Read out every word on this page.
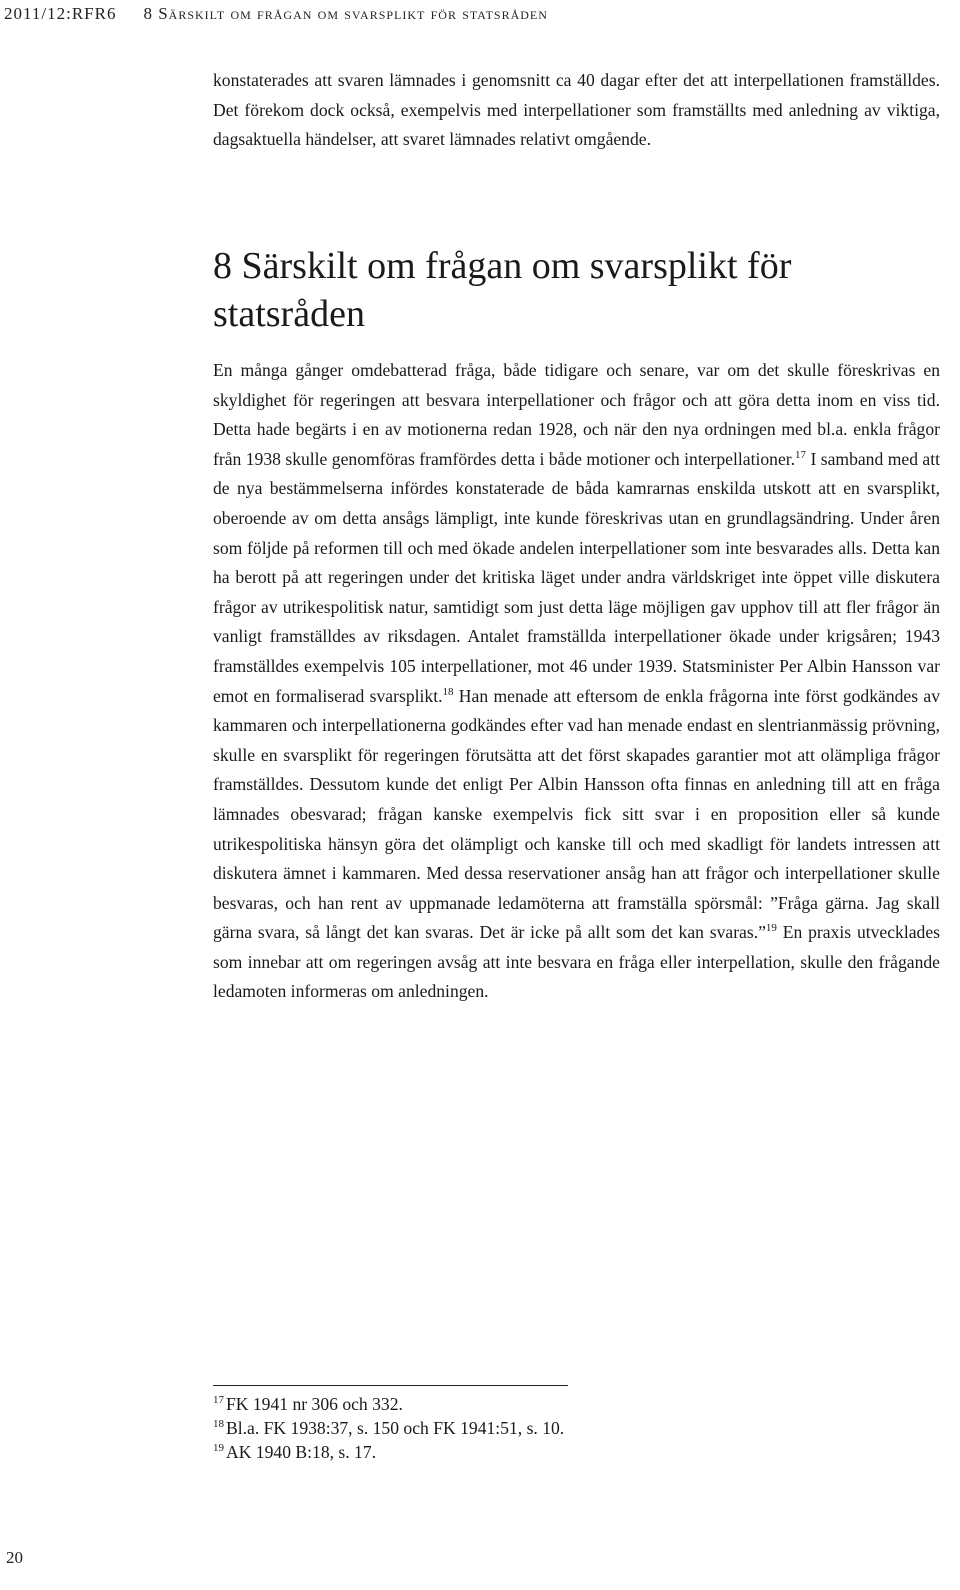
2011/12:RFR6 8 Särskilt om frågan om svarsplikt för statsråden

konstaterades att svaren lämnades i genomsnitt ca 40 dagar efter det att interpellationen framställdes. Det förekom dock också, exempelvis med interpellationer som framställts med anledning av viktiga, dagsaktuella händelser, att svaret lämnades relativt omgående.

8 Särskilt om frågan om svarsplikt för statsråden

En många gånger omdebatterad fråga, både tidigare och senare, var om det skulle föreskrivas en skyldighet för regeringen att besvara interpellationer och frågor och att göra detta inom en viss tid. Detta hade begärts i en av motionerna redan 1928, och när den nya ordningen med bl.a. enkla frågor från 1938 skulle genomföras framfördes detta i både motioner och interpellationer.$^{17}$ I samband med att de nya bestämmelserna infördes konstaterade de båda kamrarnas enskilda utskott att en svarsplikt, oberoende av om detta ansågs lämpligt, inte kunde föreskrivas utan en grundlagsändring. Under åren som följde på reformen till och med ökade andelen interpellationer som inte besvarades alls. Detta kan ha berott på att regeringen under det kritiska läget under andra världskriget inte öppet ville diskutera frågor av utrikespolitisk natur, samtidigt som just detta läge möjligen gav upphov till att fler frågor än vanligt framställdes av riksdagen. Antalet framställda interpellationer ökade under krigsåren; 1943 framställdes exempelvis 105 interpellationer, mot 46 under 1939. Statsminister Per Albin Hansson var emot en formaliserad svarsplikt.$^{18}$ Han menade att eftersom de enkla frågorna inte först godkändes av kammaren och interpellationerna godkändes efter vad han menade endast en slentrianmässig prövning, skulle en svarsplikt för regeringen förutsätta att det först skapades garantier mot att olämpliga frågor framställdes. Dessutom kunde det enligt Per Albin Hansson ofta finnas en anledning till att en fråga lämnades obesvarad; frågan kanske exempelvis fick sitt svar i en proposition eller så kunde utrikespolitiska hänsyn göra det olämpligt och kanske till och med skadligt för landets intressen att diskutera ämnet i kammaren. Med dessa reservationer ansåg han att frågor och interpellationer skulle besvaras, och han rent av uppmanade ledamöterna att framställa spörsmål: ”Fråga gärna. Jag skall gärna svara, så långt det kan svaras. Det är icke på allt som det kan svaras.”$^{19}$ En praxis utvecklades som innebar att om regeringen avsåg att inte besvara en fråga eller interpellation, skulle den frågande ledamoten informeras om anledningen.

$^{17}$ FK 1941 nr 306 och 332.
$^{18}$ Bl.a. FK 1938:37, s. 150 och FK 1941:51, s. 10.
$^{19}$ AK 1940 B:18, s. 17.
20
